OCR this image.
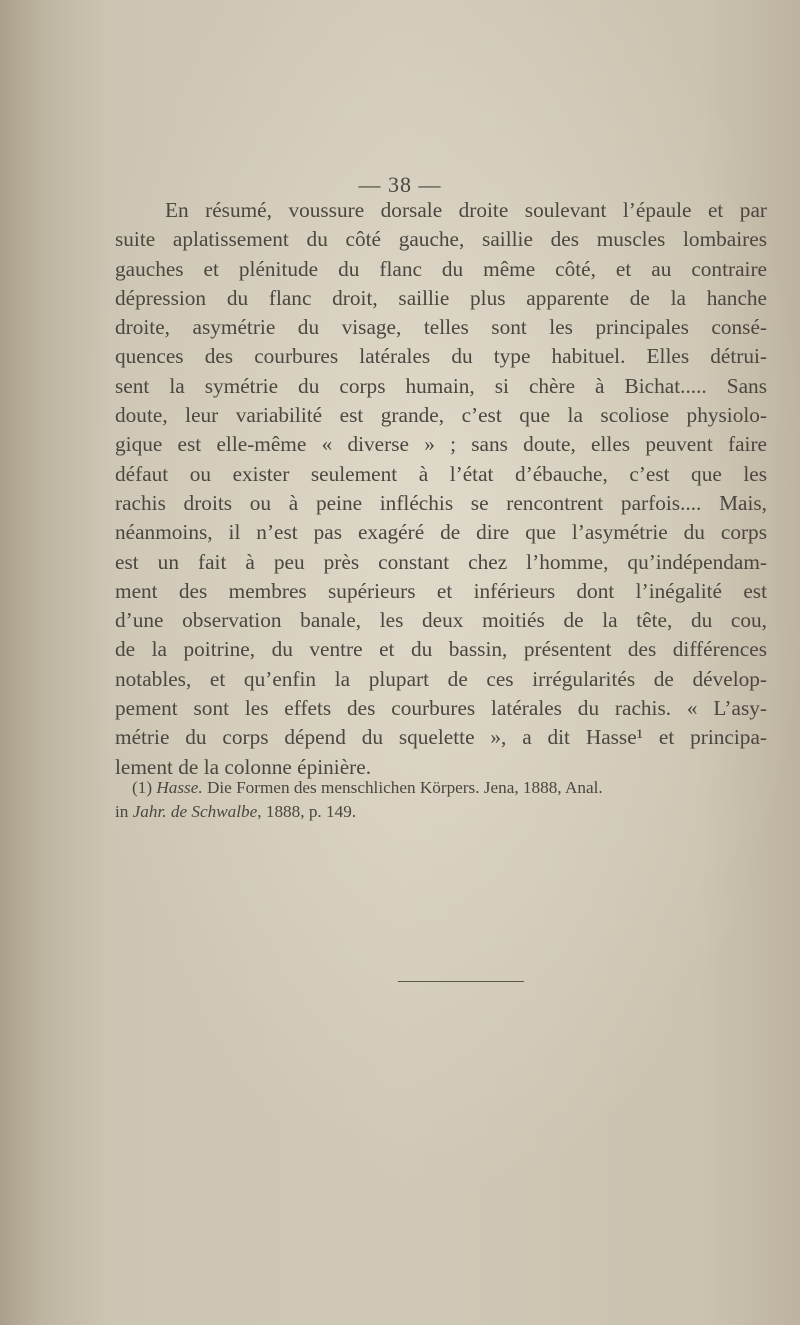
— 38 —
En résumé, voussure dorsale droite soulevant l’épaule et par
suite aplatissement du côté gauche, saillie des muscles lombaires
gauches et plénitude du flanc du même côté, et au contraire
dépression du flanc droit, saillie plus apparente de la hanche
droite, asymétrie du visage, telles sont les principales consé-
quences des courbures latérales du type habituel. Elles détrui-
sent la symétrie du corps humain, si chère à Bichat..... Sans
doute, leur variabilité est grande, c’est que la scoliose physiolo-
gique est elle-même « diverse » ; sans doute, elles peuvent faire
défaut ou exister seulement à l’état d’ébauche, c’est que les
rachis droits ou à peine infléchis se rencontrent parfois.... Mais,
néanmoins, il n’est pas exagéré de dire que l’asymétrie du corps
est un fait à peu près constant chez l’homme, qu’indépendam-
ment des membres supérieurs et inférieurs dont l’inégalité est
d’une observation banale, les deux moitiés de la tête, du cou,
de la poitrine, du ventre et du bassin, présentent des différences
notables, et qu’enfin la plupart de ces irrégularités de dévelop-
pement sont les effets des courbures latérales du rachis. « L’asy-
métrie du corps dépend du squelette », a dit Hasse¹ et principa-
lement de la colonne épinière.
(1) Hasse. Die Formen des menschlichen Körpers. Jena, 1888, Anal.
in Jahr. de Schwalbe, 1888, p. 149.
